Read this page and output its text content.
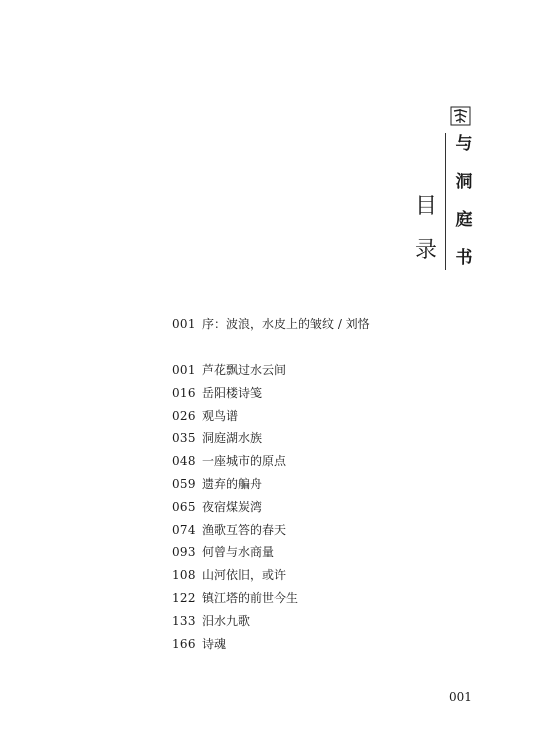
与
洞
庭
书
目
录
001 序：波浪，水皮上的皱纹 / 刘恪
001 芦花飘过水云间
016 岳阳楼诗笺
026 观鸟谱
035 洞庭湖水族
048 一座城市的原点
059 遗弃的艑舟
065 夜宿煤炭湾
074 渔歌互答的春天
093 何曾与水商量
108 山河依旧，或许
122 镇江塔的前世今生
133 汨水九歌
166 诗魂
001
